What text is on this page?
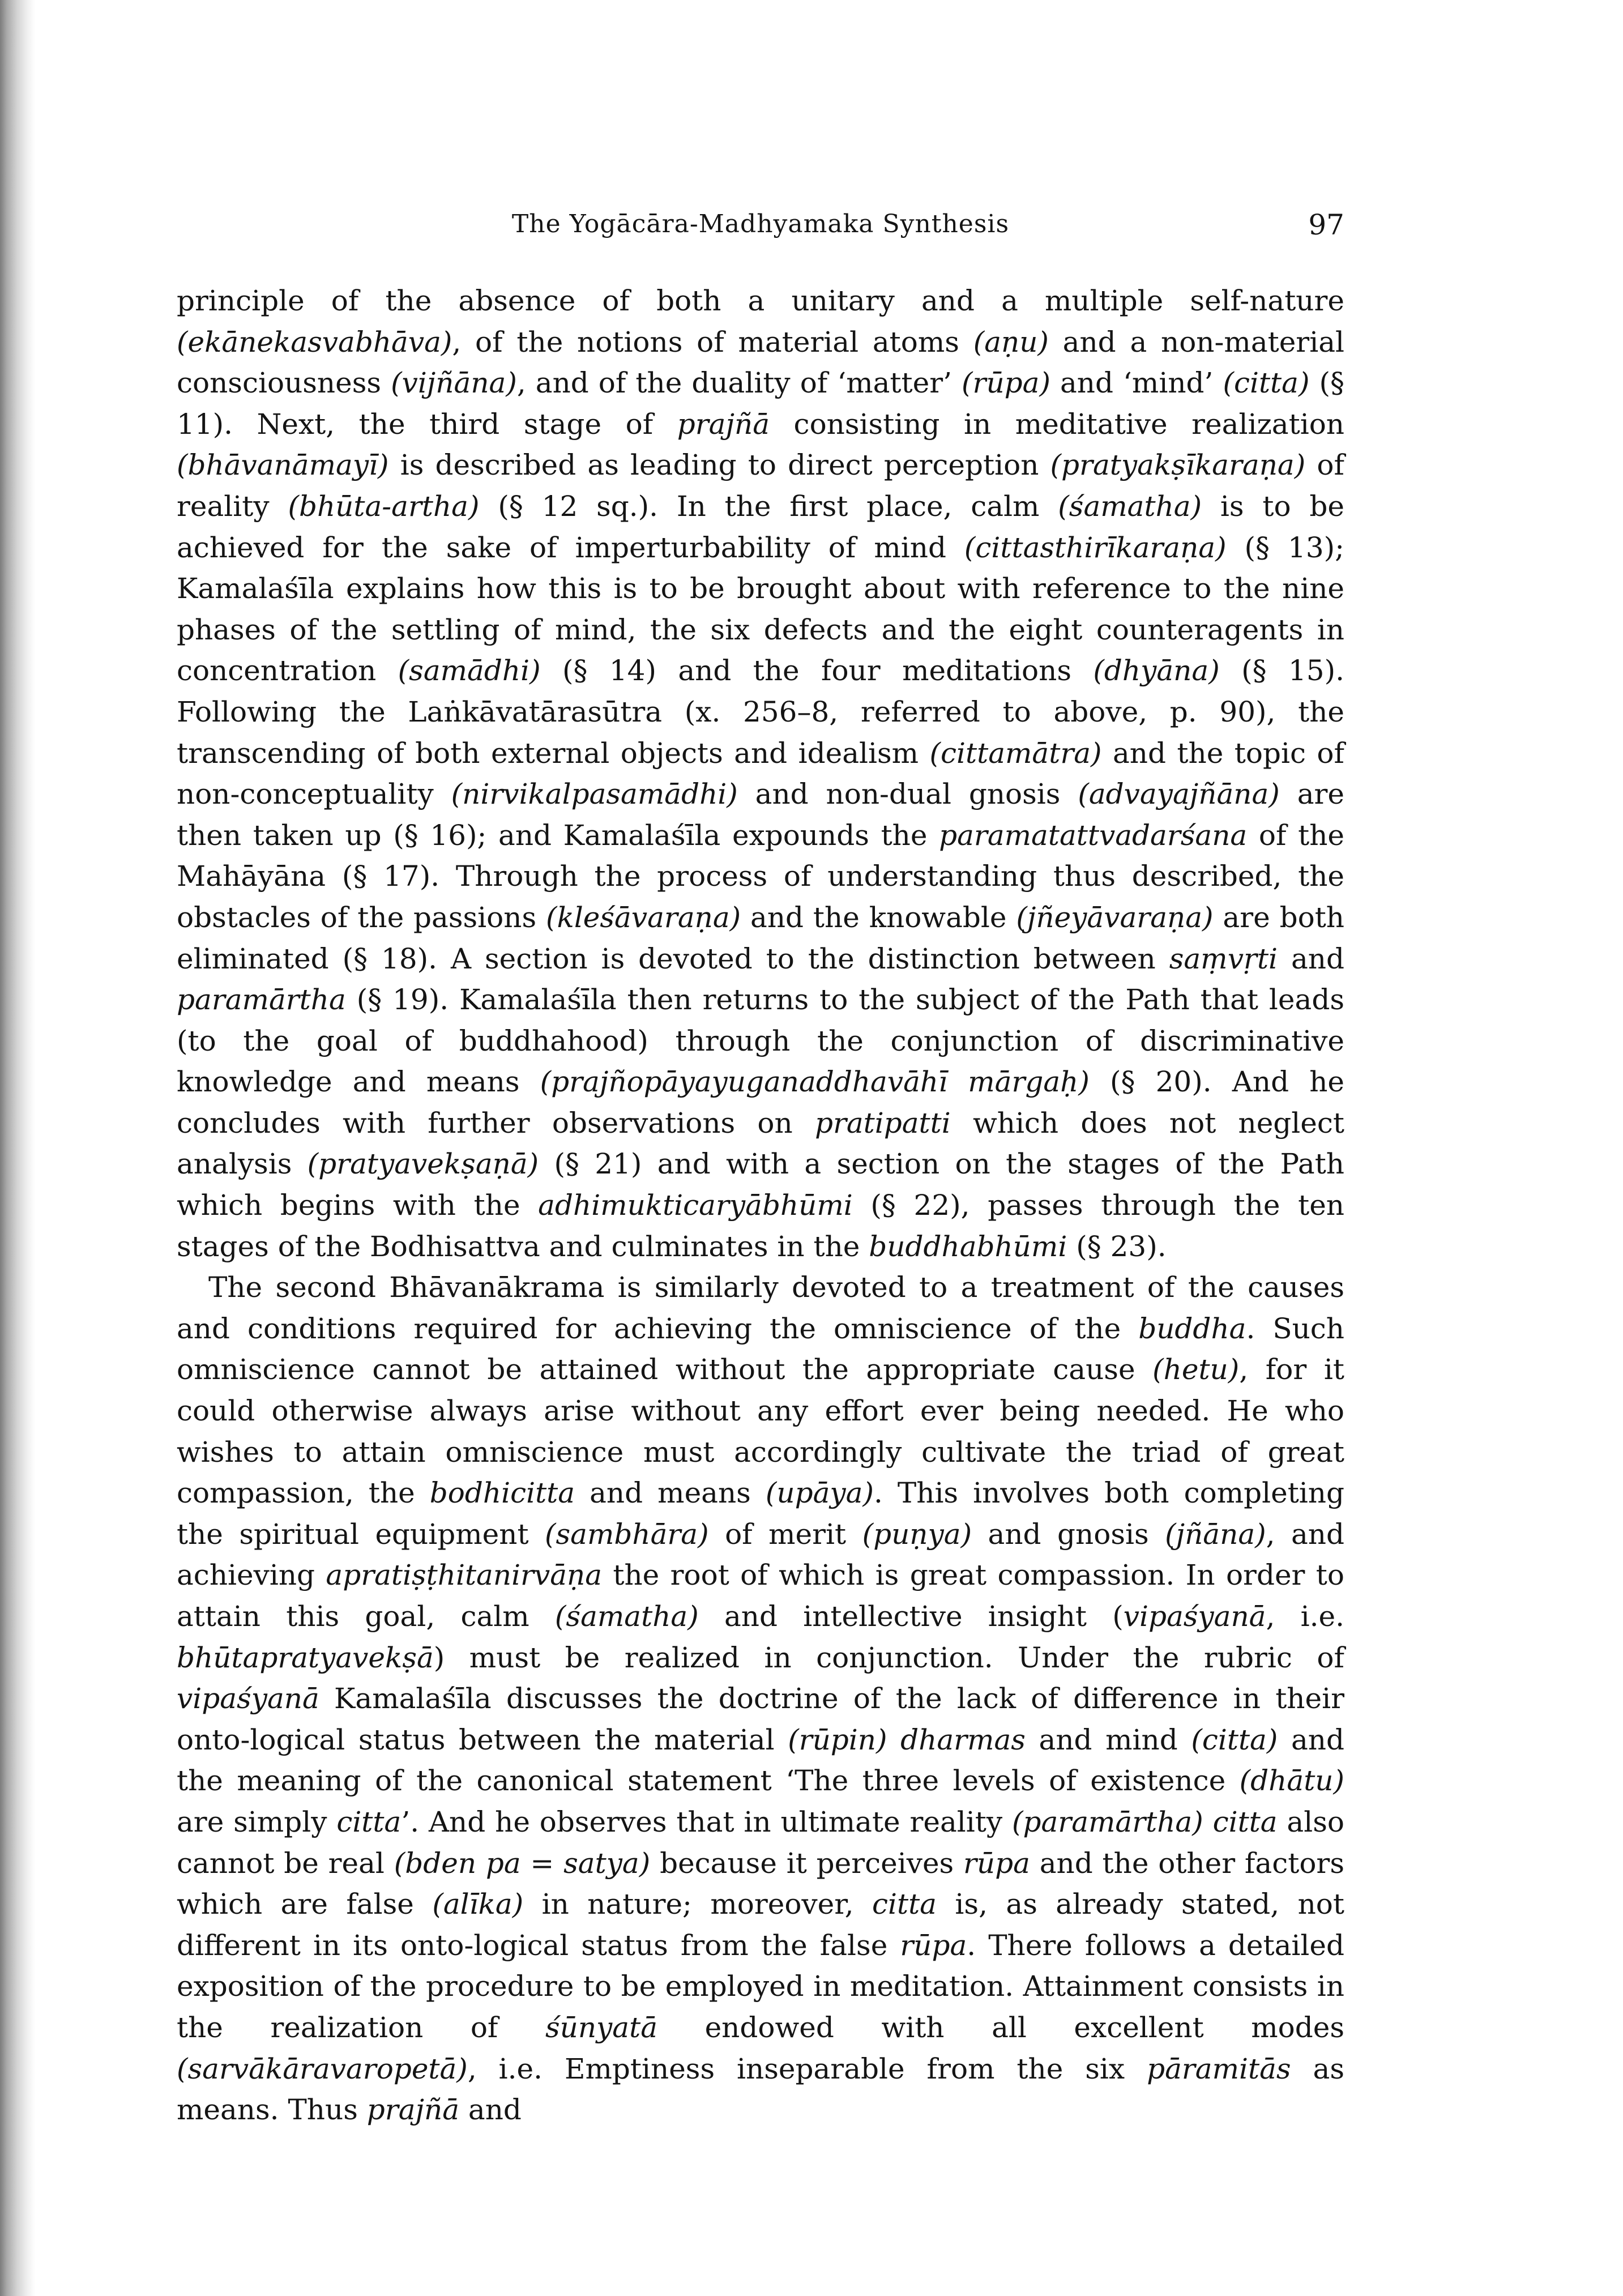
The Yogācāra-Madhyamaka Synthesis	97

principle of the absence of both a unitary and a multiple self-nature (ekānekasvabhāva), of the notions of material atoms (aṇu) and a non-material consciousness (vijñāna), and of the duality of ‘matter’ (rūpa) and ‘mind’ (citta) (§ 11). Next, the third stage of prajñā consisting in meditative realization (bhāvanāmayī) is described as leading to direct perception (pratyakṣīkaraṇa) of reality (bhūta-artha) (§ 12 sq.). In the first place, calm (śamatha) is to be achieved for the sake of imperturbability of mind (cittasthirīkaraṇa) (§ 13); Kamalaśīla explains how this is to be brought about with reference to the nine phases of the settling of mind, the six defects and the eight counteragents in concentration (samādhi) (§ 14) and the four meditations (dhyāna) (§ 15). Following the Laṅkāvatārasūtra (x. 256–8, referred to above, p. 90), the transcending of both external objects and idealism (cittamātra) and the topic of non-conceptuality (nirvikalpasamādhi) and non-dual gnosis (advayajñāna) are then taken up (§ 16); and Kamalaśīla expounds the paramatattvadarśana of the Mahāyāna (§ 17). Through the process of understanding thus described, the obstacles of the passions (kleśāvaraṇa) and the knowable (jñeyāvaraṇa) are both eliminated (§ 18). A section is devoted to the distinction between saṃvṛti and paramārtha (§ 19). Kamalaśīla then returns to the subject of the Path that leads (to the goal of buddhahood) through the conjunction of discriminative knowledge and means (prajñopāyayuganaddhavāhī mārgaḥ) (§ 20). And he concludes with further observations on pratipatti which does not neglect analysis (pratyavekṣaṇā) (§ 21) and with a section on the stages of the Path which begins with the adhimukticaryābhūmi (§ 22), passes through the ten stages of the Bodhisattva and culminates in the buddhabhūmi (§ 23).

The second Bhāvanākrama is similarly devoted to a treatment of the causes and conditions required for achieving the omniscience of the buddha. Such omniscience cannot be attained without the appropriate cause (hetu), for it could otherwise always arise without any effort ever being needed. He who wishes to attain omniscience must accordingly cultivate the triad of great compassion, the bodhicitta and means (upāya). This involves both completing the spiritual equipment (sambhāra) of merit (puṇya) and gnosis (jñāna), and achieving apratiṣṭhitanirvāṇa the root of which is great compassion. In order to attain this goal, calm (śamatha) and intellective insight (vipaśyanā, i.e. bhūtapratyavekṣā) must be realized in conjunction. Under the rubric of vipaśyanā Kamalaśīla discusses the doctrine of the lack of difference in their onto-logical status between the material (rūpin) dharmas and mind (citta) and the meaning of the canonical statement ‘The three levels of existence (dhātu) are simply citta’. And he observes that in ultimate reality (paramārtha) citta also cannot be real (bden pa = satya) because it perceives rūpa and the other factors which are false (alīka) in nature; moreover, citta is, as already stated, not different in its onto-logical status from the false rūpa. There follows a detailed exposition of the procedure to be employed in meditation. Attainment consists in the realization of śūnyatā endowed with all excellent modes (sarvākāravaropetā), i.e. Emptiness inseparable from the six pāramitās as means. Thus prajñā and
